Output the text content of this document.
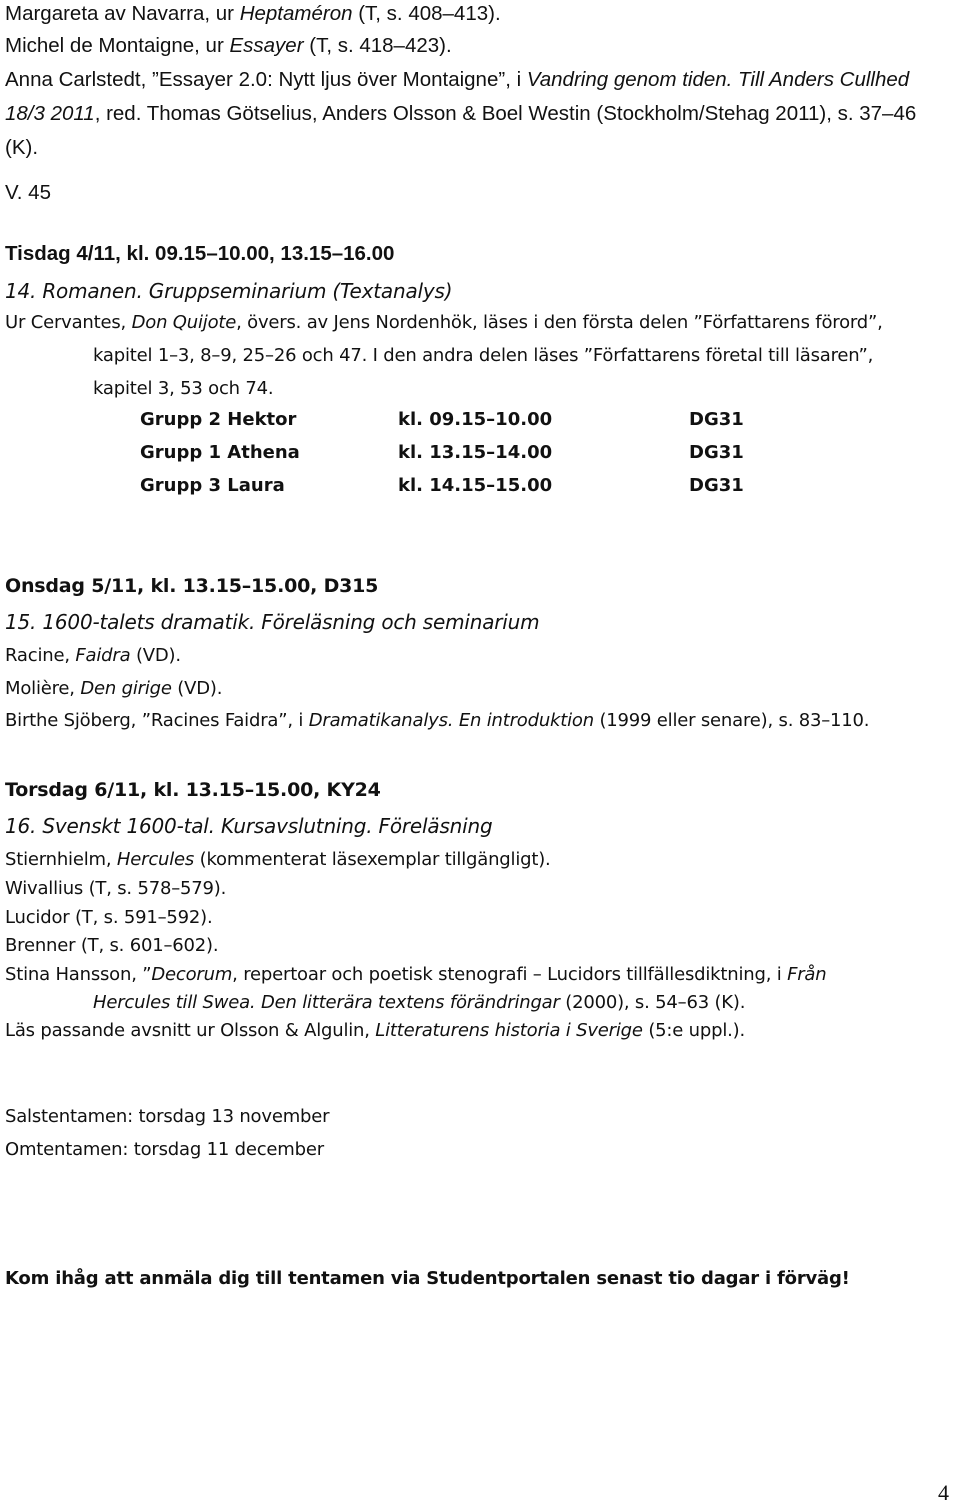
Margareta av Navarra, ur Heptaméron (T, s. 408–413).
Michel de Montaigne, ur Essayer (T, s. 418–423).
Anna Carlstedt, ”Essayer 2.0: Nytt ljus över Montaigne”, i Vandring genom tiden. Till Anders Cullhed
18/3 2011, red. Thomas Götselius, Anders Olsson & Boel Westin (Stockholm/Stehag 2011), s. 37–46
(K).
V. 45
Tisdag 4/11, kl. 09.15–10.00, 13.15–16.00
14. Romanen. Gruppseminarium (Textanalys)
Ur Cervantes, Don Quijote, övers. av Jens Nordenhök, läses i den första delen ”Författarens förord”,
kapitel 1–3, 8–9, 25–26 och 47. I den andra delen läses ”Författarens företal till läsaren”,
kapitel 3, 53 och 74.
Grupp 2 Hektor	kl. 09.15–10.00	DG31
Grupp 1 Athena	kl. 13.15–14.00	DG31
Grupp 3 Laura	kl. 14.15–15.00	DG31
Onsdag 5/11, kl. 13.15–15.00, D315
15. 1600-talets dramatik. Föreläsning och seminarium
Racine, Faidra (VD).
Molière, Den girige (VD).
Birthe Sjöberg, ”Racines Faidra”, i Dramatikanalys. En introduktion (1999 eller senare), s. 83–110.
Torsdag 6/11, kl. 13.15–15.00, KY24
16. Svenskt 1600-tal. Kursavslutning. Föreläsning
Stiernhielm, Hercules (kommenterat läsexemplar tillgängligt).
Wivallius (T, s. 578–579).
Lucidor (T, s. 591–592).
Brenner (T, s. 601–602).
Stina Hansson, ”Decorum, repertoar och poetisk stenografi – Lucidors tillfällesdiktning, i Från
Hercules till Swea. Den litterära textens förändringar (2000), s. 54–63 (K).
Läs passande avsnitt ur Olsson & Algulin, Litteraturens historia i Sverige (5:e uppl.).
Salstentamen: torsdag 13 november
Omtentamen: torsdag 11 december
Kom ihåg att anmäla dig till tentamen via Studentportalen senast tio dagar i förväg!
4
